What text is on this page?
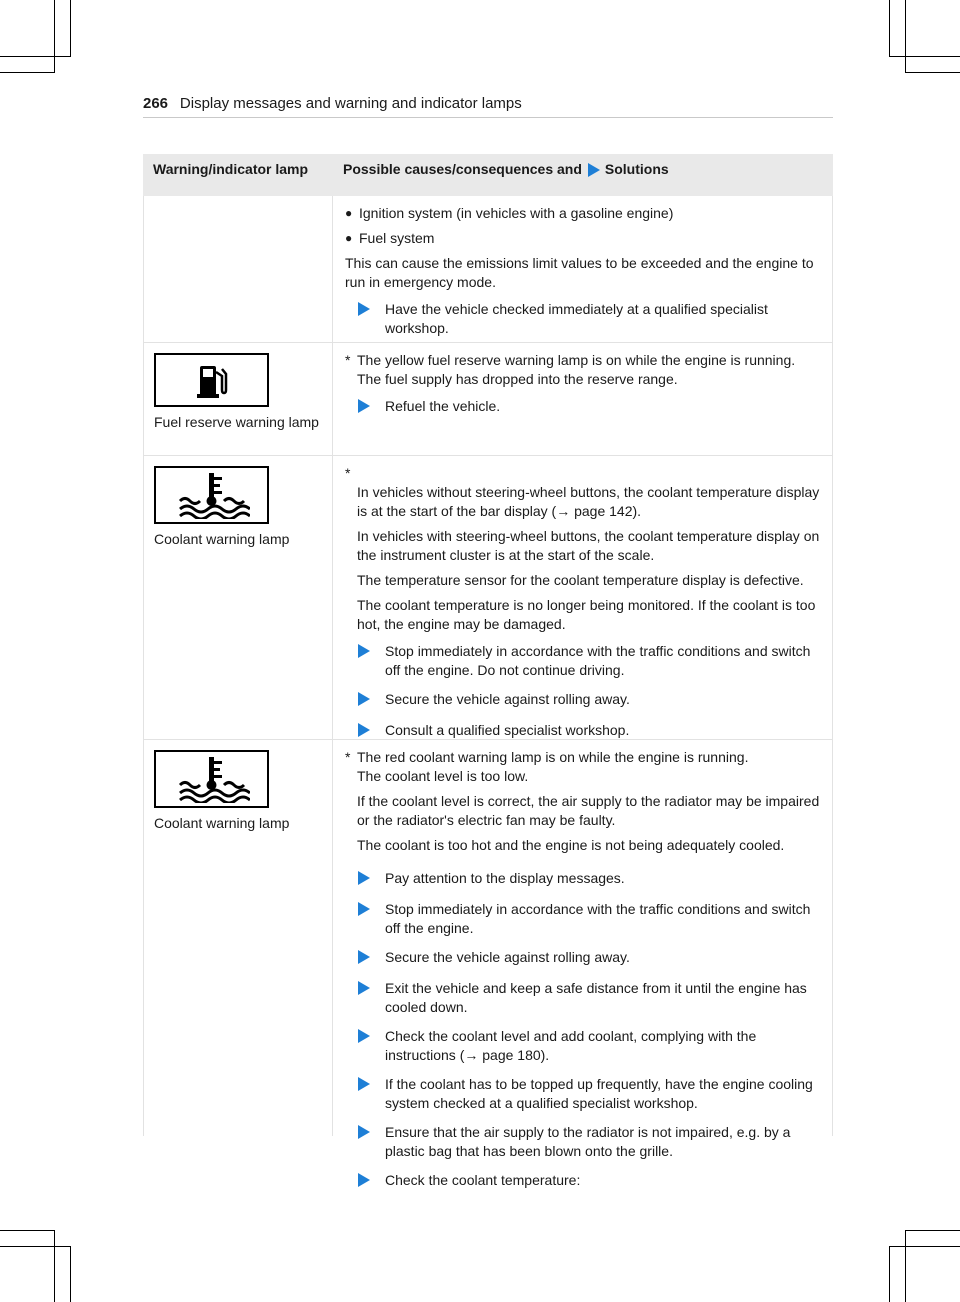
266 Display messages and warning and indicator lamps
Warning/indicator lamp	Possible causes/consequences and Solutions
● Ignition system (in vehicles with a gasoline engine)
● Fuel system

This can cause the emissions limit values to be exceeded and the engine to run in emergency mode.

Have the vehicle checked immediately at a qualified specialist workshop.

Fuel reserve warning lamp

* The yellow fuel reserve warning lamp is on while the engine is running.
The fuel supply has dropped into the reserve range.
Refuel the vehicle.

Coolant warning lamp

*

In vehicles without steering-wheel buttons, the coolant temperature display is at the start of the bar display (→ page 142).

In vehicles with steering-wheel buttons, the coolant temperature display on the instrument cluster is at the start of the scale.

The temperature sensor for the coolant temperature display is defective.

The coolant temperature is no longer being monitored. If the coolant is too hot, the engine may be damaged.

Stop immediately in accordance with the traffic conditions and switch off the engine. Do not continue driving.
Secure the vehicle against rolling away.
Consult a qualified specialist workshop.

Coolant warning lamp

* The red coolant warning lamp is on while the engine is running.

The coolant level is too low.

If the coolant level is correct, the air supply to the radiator may be impaired or the radiator's electric fan may be faulty.

The coolant is too hot and the engine is not being adequately cooled.

Pay attention to the display messages.
Stop immediately in accordance with the traffic conditions and switch off the engine.
Secure the vehicle against rolling away.
Exit the vehicle and keep a safe distance from it until the engine has cooled down.
Check the coolant level and add coolant, complying with the instructions (→ page 180).
If the coolant has to be topped up frequently, have the engine cooling system checked at a qualified specialist workshop.
Ensure that the air supply to the radiator is not impaired, e.g. by a plastic bag that has been blown onto the grille.
Check the coolant temperature:
